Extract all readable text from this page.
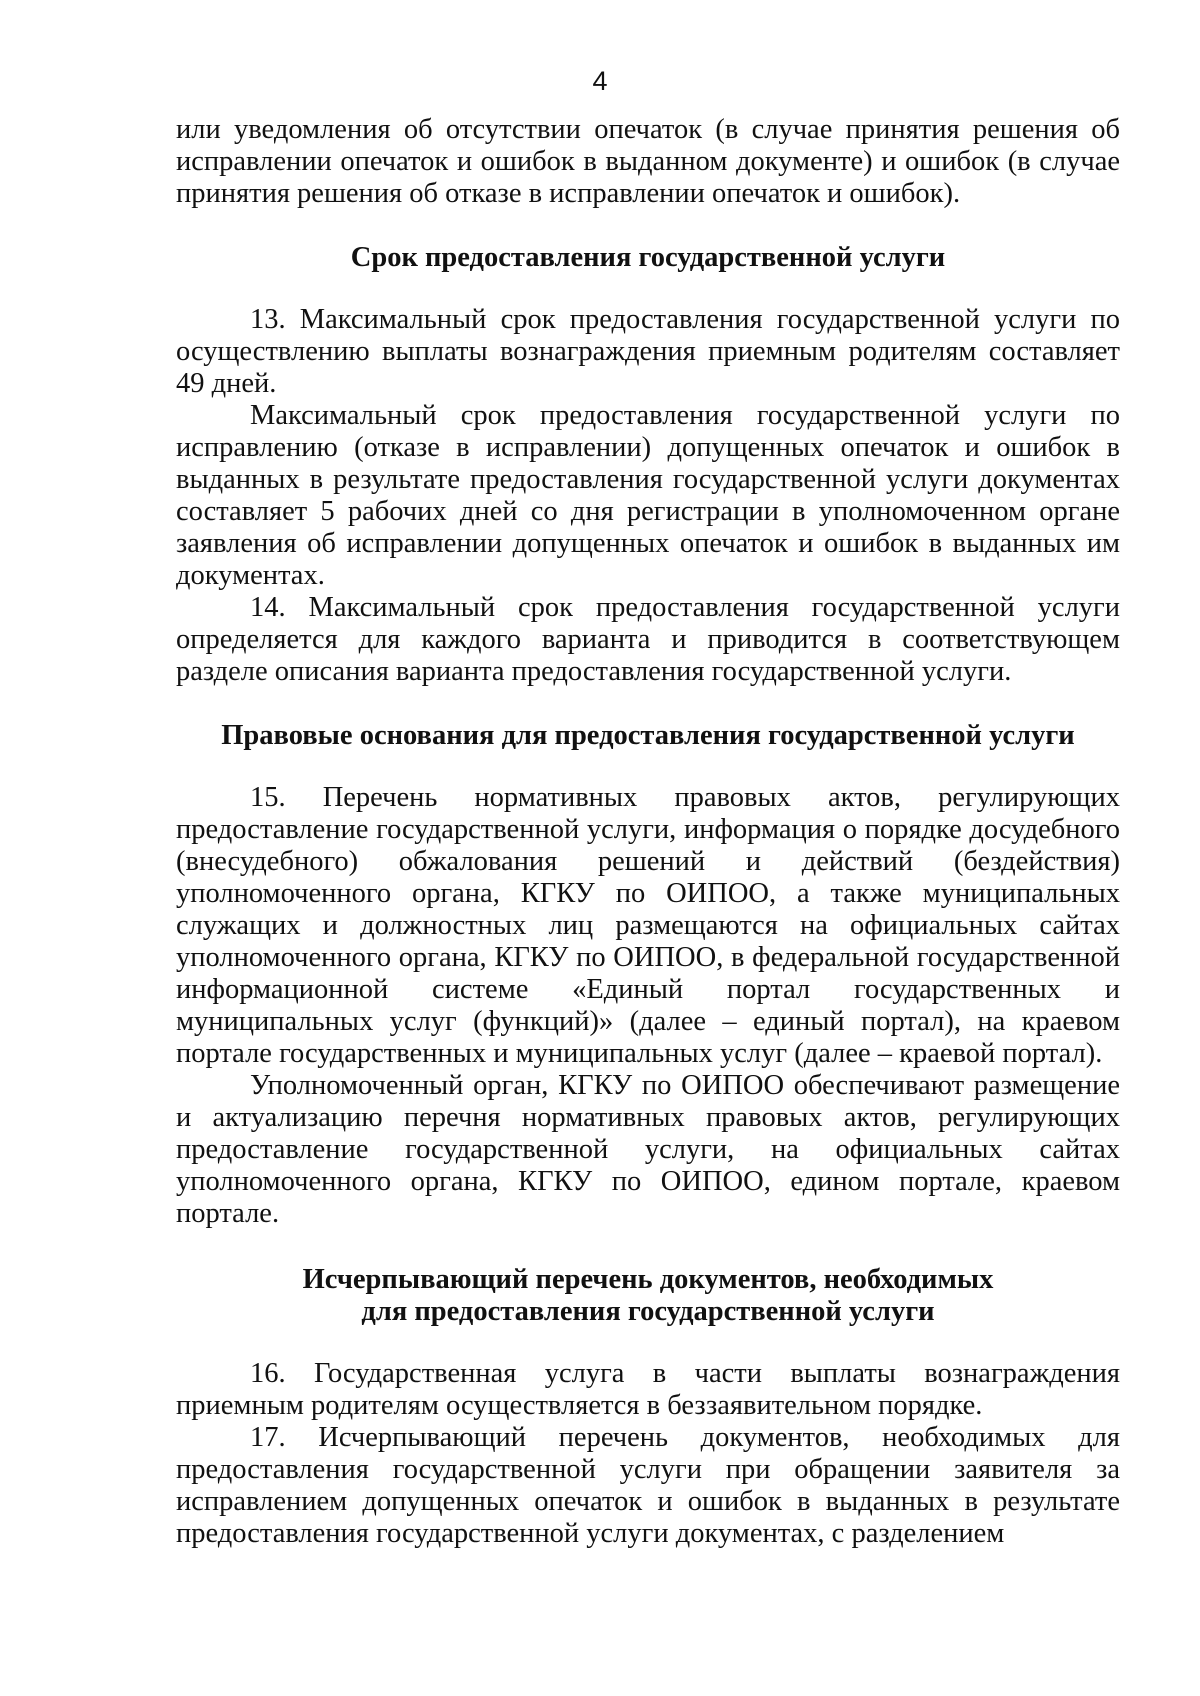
4

или уведомления об отсутствии опечаток (в случае принятия решения об исправлении опечаток и ошибок в выданном документе) и ошибок (в случае принятия решения об отказе в исправлении опечаток и ошибок).

Срок предоставления государственной услуги

13. Максимальный срок предоставления государственной услуги по осуществлению выплаты вознаграждения приемным родителям составляет 49 дней.

Максимальный срок предоставления государственной услуги по исправлению (отказе в исправлении) допущенных опечаток и ошибок в выданных в результате предоставления государственной услуги документах составляет 5 рабочих дней со дня регистрации в уполномоченном органе заявления об исправлении допущенных опечаток и ошибок в выданных им документах.

14. Максимальный срок предоставления государственной услуги определяется для каждого варианта и приводится в соответствующем разделе описания варианта предоставления государственной услуги.

Правовые основания для предоставления государственной услуги

15. Перечень нормативных правовых актов, регулирующих предоставление государственной услуги, информация о порядке досудебного (внесудебного) обжалования решений и действий (бездействия) уполномоченного органа, КГКУ по ОИПОО, а также муниципальных служащих и должностных лиц размещаются на официальных сайтах уполномоченного органа, КГКУ по ОИПОО, в федеральной государственной информационной системе «Единый портал государственных и муниципальных услуг (функций)» (далее – единый портал), на краевом портале государственных и муниципальных услуг (далее – краевой портал).

Уполномоченный орган, КГКУ по ОИПОО обеспечивают размещение и актуализацию перечня нормативных правовых актов, регулирующих предоставление государственной услуги, на официальных сайтах уполномоченного органа, КГКУ по ОИПОО, едином портале, краевом портале.

Исчерпывающий перечень документов, необходимых
для предоставления государственной услуги

16. Государственная услуга в части выплаты вознаграждения приемным родителям осуществляется в беззаявительном порядке.

17. Исчерпывающий перечень документов, необходимых для предоставления государственной услуги при обращении заявителя за исправлением допущенных опечаток и ошибок в выданных в результате предоставления государственной услуги документах, с разделением
